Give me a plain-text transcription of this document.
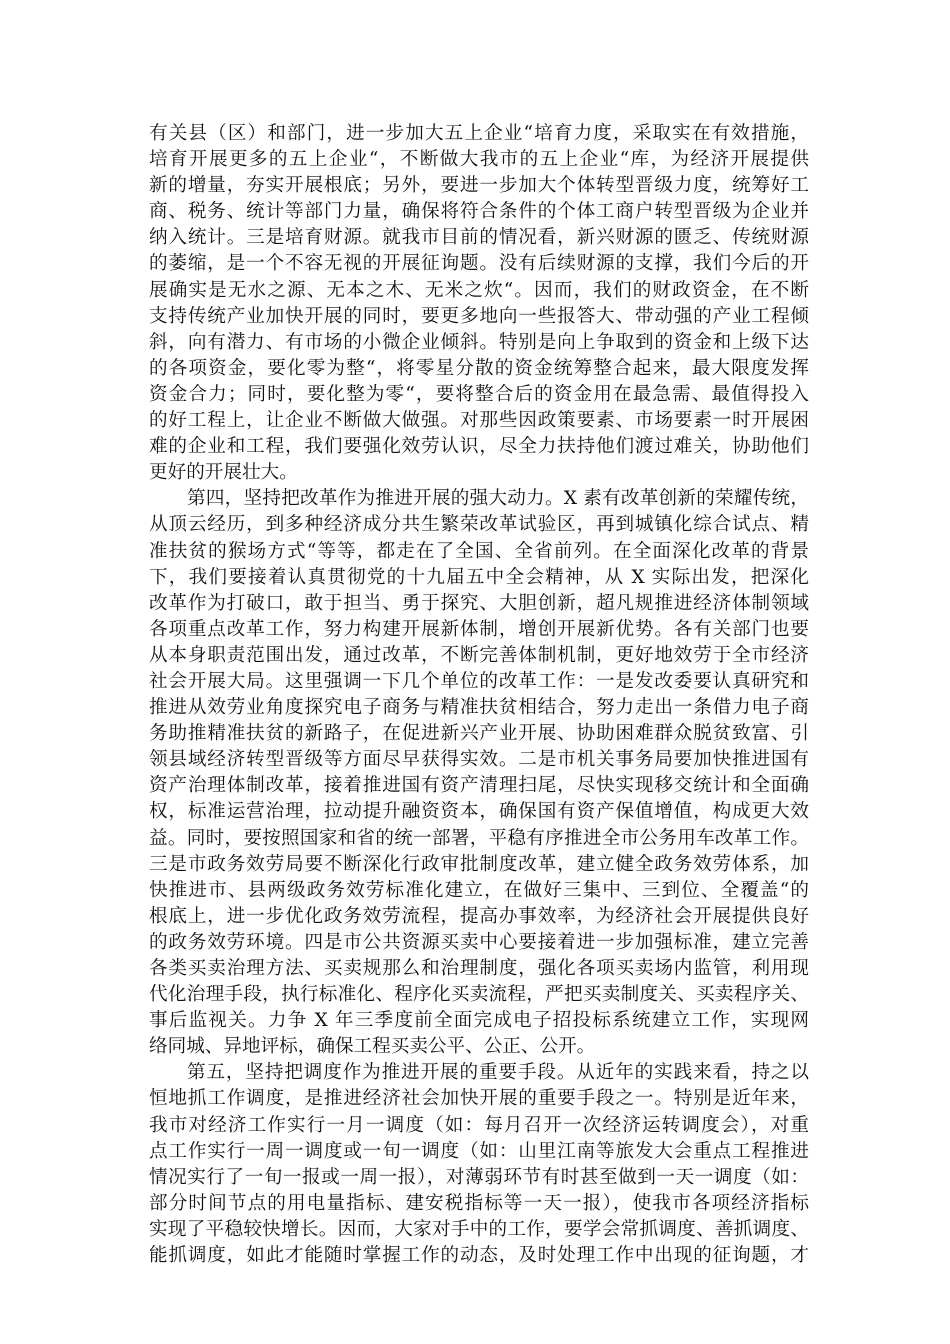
有关县（区）和部门，进一步加大五上企业“培育力度，采取实在有效措施，
培育开展更多的五上企业“，不断做大我市的五上企业“库，为经济开展提供
新的增量，夯实开展根底；另外，要进一步加大个体转型晋级力度，统筹好工
商、税务、统计等部门力量，确保将符合条件的个体工商户转型晋级为企业并
纳入统计。三是培育财源。就我市目前的情况看，新兴财源的匮乏、传统财源
的萎缩，是一个不容无视的开展征询题。没有后续财源的支撑，我们今后的开
展确实是无水之源、无本之木、无米之炊“。因而，我们的财政资金，在不断
支持传统产业加快开展的同时，要更多地向一些报答大、带动强的产业工程倾
斜，向有潜力、有市场的小微企业倾斜。特别是向上争取到的资金和上级下达
的各项资金，要化零为整“，将零星分散的资金统筹整合起来，最大限度发挥
资金合力；同时，要化整为零“，要将整合后的资金用在最急需、最值得投入
的好工程上，让企业不断做大做强。对那些因政策要素、市场要素一时开展困
难的企业和工程，我们要强化效劳认识，尽全力扶持他们渡过难关，协助他们
更好的开展壮大。
第四，坚持把改革作为推进开展的强大动力。X 素有改革创新的荣耀传统，
从顶云经历，到多种经济成分共生繁荣改革试验区，再到城镇化综合试点、精
准扶贫的猴场方式“等等，都走在了全国、全省前列。在全面深化改革的背景
下，我们要接着认真贯彻党的十九届五中全会精神，从 X 实际出发，把深化
改革作为打破口，敢于担当、勇于探究、大胆创新，超凡规推进经济体制领域
各项重点改革工作，努力构建开展新体制，增创开展新优势。各有关部门也要
从本身职责范围出发，通过改革，不断完善体制机制，更好地效劳于全市经济
社会开展大局。这里强调一下几个单位的改革工作：一是发改委要认真研究和
推进从效劳业角度探究电子商务与精准扶贫相结合，努力走出一条借力电子商
务助推精准扶贫的新路子，在促进新兴产业开展、协助困难群众脱贫致富、引
领县域经济转型晋级等方面尽早获得实效。二是市机关事务局要加快推进国有
资产治理体制改革，接着推进国有资产清理扫尾，尽快实现移交统计和全面确
权，标准运营治理，拉动提升融资资本，确保国有资产保值增值，构成更大效
益。同时，要按照国家和省的统一部署，平稳有序推进全市公务用车改革工作。
三是市政务效劳局要不断深化行政审批制度改革，建立健全政务效劳体系，加
快推进市、县两级政务效劳标准化建立，在做好三集中、三到位、全覆盖“的
根底上，进一步优化政务效劳流程，提高办事效率，为经济社会开展提供良好
的政务效劳环境。四是市公共资源买卖中心要接着进一步加强标准，建立完善
各类买卖治理方法、买卖规那么和治理制度，强化各项买卖场内监管，利用现
代化治理手段，执行标准化、程序化买卖流程，严把买卖制度关、买卖程序关、
事后监视关。力争 X 年三季度前全面完成电子招投标系统建立工作，实现网
络同城、异地评标，确保工程买卖公平、公正、公开。
第五，坚持把调度作为推进开展的重要手段。从近年的实践来看，持之以
恒地抓工作调度，是推进经济社会加快开展的重要手段之一。特别是近年来，
我市对经济工作实行一月一调度（如：每月召开一次经济运转调度会），对重
点工作实行一周一调度或一旬一调度（如：山里江南等旅发大会重点工程推进
情况实行了一旬一报或一周一报），对薄弱环节有时甚至做到一天一调度（如：
部分时间节点的用电量指标、建安税指标等一天一报），使我市各项经济指标
实现了平稳较快增长。因而，大家对手中的工作，要学会常抓调度、善抓调度、
能抓调度，如此才能随时掌握工作的动态，及时处理工作中出现的征询题，才
